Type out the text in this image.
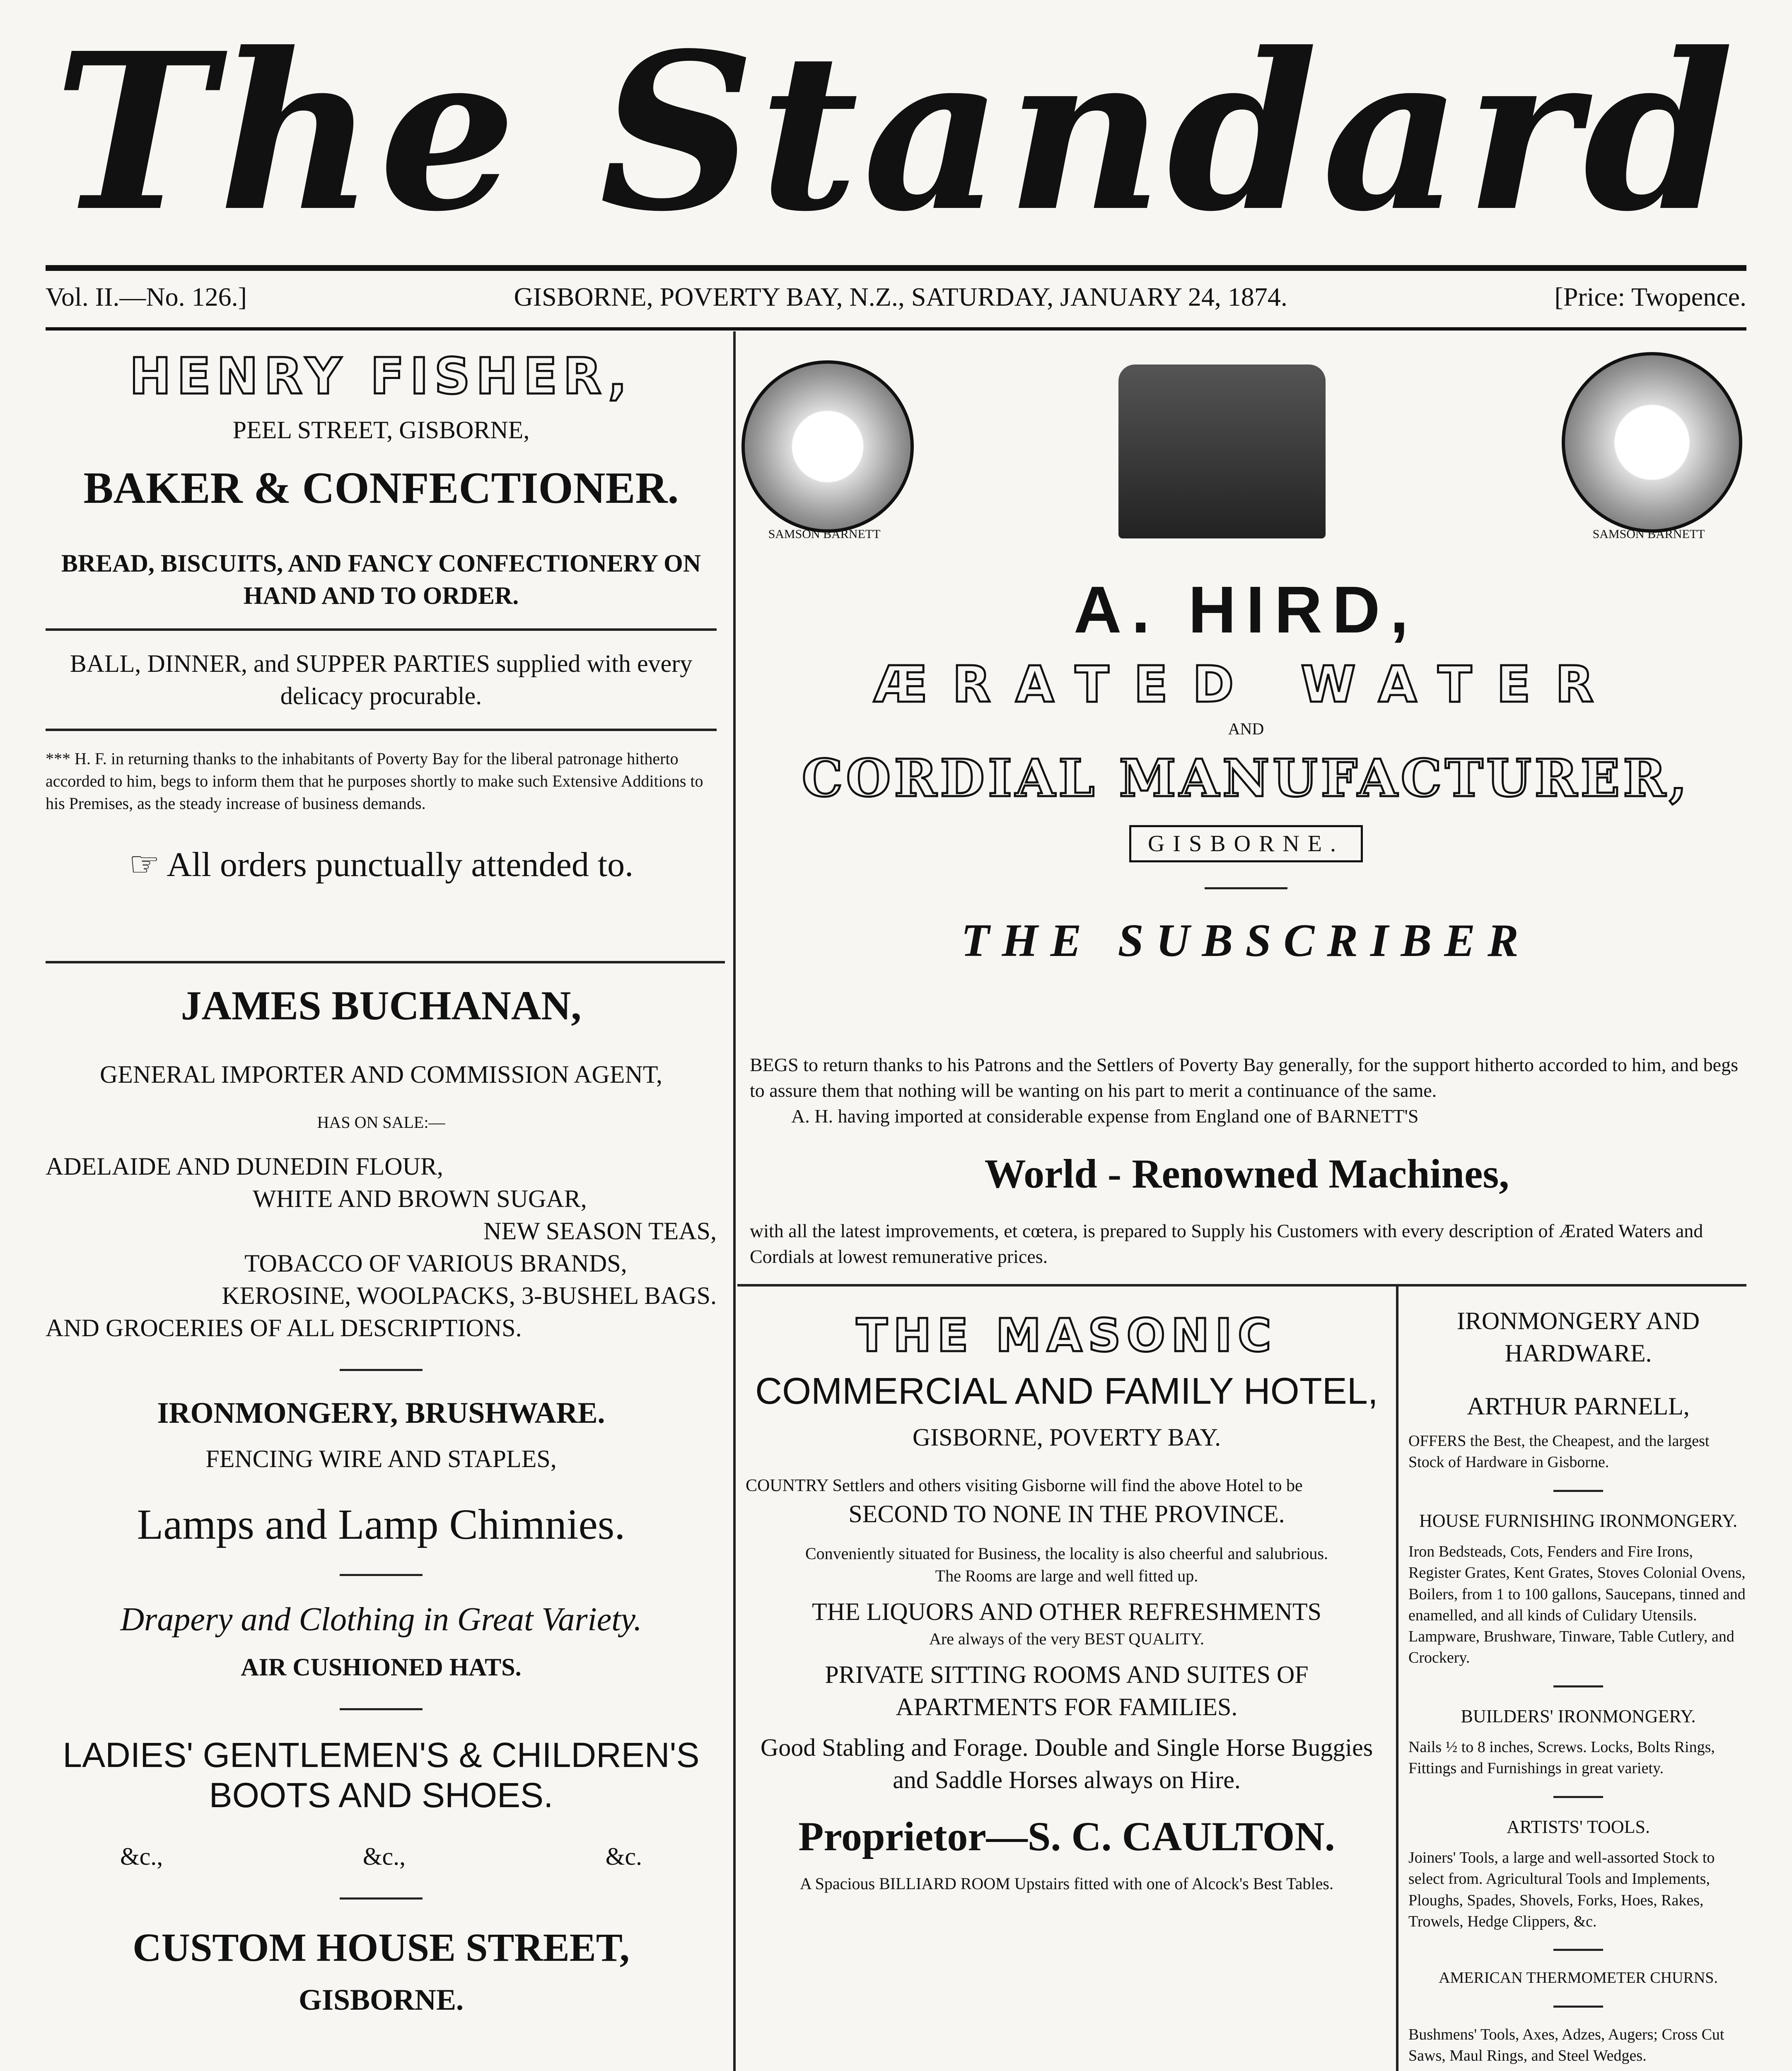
The Standard
Vol. II.—No. 126.]	GISBORNE, POVERTY BAY, N.Z., SATURDAY, JANUARY 24, 1874.	[Price: Twopence.
HENRY FISHER,
PEEL STREET, GISBORNE,
BAKER & CONFECTIONER.
BREAD, BISCUITS, AND FANCY CONFECTIONERY ON HAND AND TO ORDER.
BALL, DINNER, and SUPPER PARTIES supplied with every delicacy procurable.
*** H. F. in returning thanks to the inhabitants of Poverty Bay for the liberal patronage hitherto accorded to him, begs to inform them that he purposes shortly to make such Extensive Additions to his Premises, as the steady increase of business demands.
☞ All orders punctually attended to.
JAMES BUCHANAN,
GENERAL IMPORTER AND COMMISSION AGENT,
HAS ON SALE:—
ADELAIDE AND DUNEDIN FLOUR,
WHITE AND BROWN SUGAR,
NEW SEASON TEAS,
TOBACCO OF VARIOUS BRANDS,
KEROSINE, WOOLPACKS, 3-BUSHEL BAGS.
AND GROCERIES OF ALL DESCRIPTIONS.
IRONMONGERY, BRUSHWARE.
FENCING WIRE AND STAPLES,
Lamps and Lamp Chimnies.
Drapery and Clothing in Great Variety.
AIR CUSHIONED HATS.
LADIES' GENTLEMEN'S & CHILDREN'S BOOTS AND SHOES.
&c.,	&c.,	&c.
CUSTOM HOUSE STREET,
GISBORNE.
SAMSON BARNETT	SAMSON BARNETT
A. HIRD,
ÆRATED WATER
AND
CORDIAL MANUFACTURER,
GISBORNE.
THE SUBSCRIBER
BEGS to return thanks to his Patrons and the Settlers of Poverty Bay generally, for the support hitherto accorded to him, and begs to assure them that nothing will be wanting on his part to merit a continuance of the same.
A. H. having imported at considerable expense from England one of BARNETT'S
World - Renowned Machines,
with all the latest improvements, et cœtera, is prepared to Supply his Customers with every description of Ærated Waters and Cordials at lowest remunerative prices.
THE MASONIC
COMMERCIAL AND FAMILY HOTEL,
GISBORNE, POVERTY BAY.
COUNTRY Settlers and others visiting Gisborne will find the above Hotel to be
SECOND TO NONE IN THE PROVINCE.
Conveniently situated for Business, the locality is also cheerful and salubrious.
The Rooms are large and well fitted up.
THE LIQUORS AND OTHER REFRESHMENTS
Are always of the very BEST QUALITY.
PRIVATE SITTING ROOMS AND SUITES OF APARTMENTS FOR FAMILIES.
Good Stabling and Forage. Double and Single Horse Buggies and Saddle Horses always on Hire.
Proprietor—S. C. CAULTON.
A Spacious BILLIARD ROOM Upstairs fitted with one of Alcock's Best Tables.
IRONMONGERY AND HARDWARE.
ARTHUR PARNELL,
OFFERS the Best, the Cheapest, and the largest Stock of Hardware in Gisborne.
HOUSE FURNISHING IRONMONGERY.
Iron Bedsteads, Cots, Fenders and Fire Irons, Register Grates, Kent Grates, Stoves Colonial Ovens, Boilers, from 1 to 100 gallons, Saucepans, tinned and enamelled, and all kinds of Culidary Utensils. Lampware, Brushware, Tinware, Table Cutlery, and Crockery.
BUILDERS' IRONMONGERY.
Nails ½ to 8 inches, Screws. Locks, Bolts Rings, Fittings and Furnishings in great variety.
ARTISTS' TOOLS.
Joiners' Tools, a large and well-assorted Stock to select from. Agricultural Tools and Implements, Ploughs, Spades, Shovels, Forks, Hoes, Rakes, Trowels, Hedge Clippers, &c.
AMERICAN THERMOMETER CHURNS.
Bushmens' Tools, Axes, Adzes, Augers; Cross Cut Saws, Maul Rings, and Steel Wedges.
